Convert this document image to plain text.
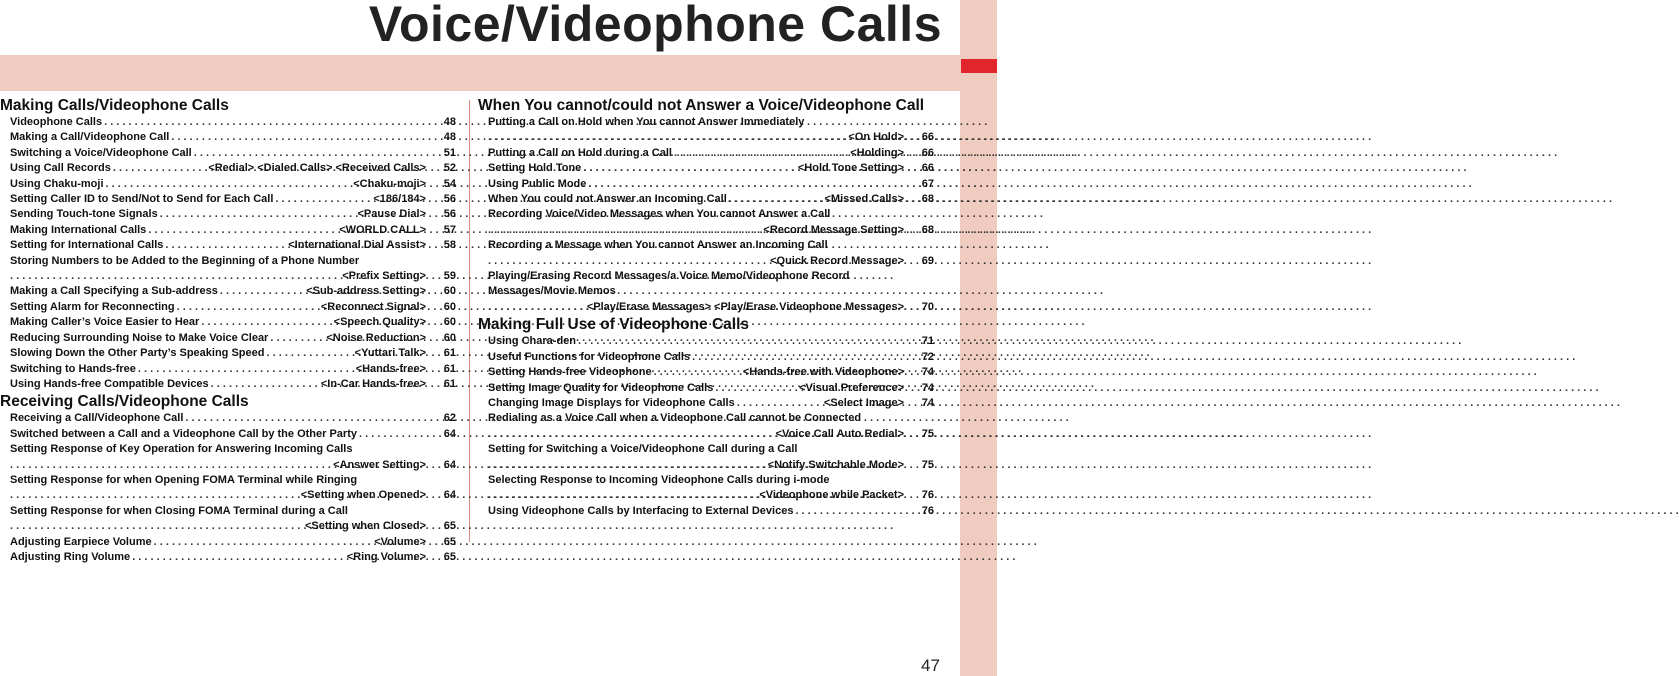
Voice/Videophone Calls
Making Calls/Videophone Calls
Videophone Calls . . .	48
Making a Call/Videophone Call . . .	48
Switching a Voice/Videophone Call . . .	51
Using Call Records . . .	<Redial> <Dialed Calls> <Received Calls>	52
Using Chaku-moji . . .	<Chaku-moji>	54
Setting Caller ID to Send/Not to Send for Each Call . . .	<186/184>	56
Sending Touch-tone Signals . . .	<Pause Dial>	56
Making International Calls . . .	<WORLD CALL>	57
Setting for International Calls . . .	<International Dial Assist>	58
Storing Numbers to be Added to the Beginning of a Phone Number
. . .
<Prefix Setting>	59
Making a Call Specifying a Sub-address . . .	<Sub-address Setting>	60
Setting Alarm for Reconnecting . . .	<Reconnect Signal>	60
Making Caller’s Voice Easier to Hear . . .	<Speech Quality>	60
Reducing Surrounding Noise to Make Voice Clear . . .	<Noise Reduction>	60
Slowing Down the Other Party’s Speaking Speed . . .	<Yuttari Talk>	61
Switching to Hands-free . . .	<Hands-free>	61
Using Hands-free Compatible Devices . . .	<In-Car Hands-free>	61
Receiving Calls/Videophone Calls
Receiving a Call/Videophone Call . . .	62
Switched between a Call and a Videophone Call by the Other Party . . .	64
Setting Response of Key Operation for Answering Incoming Calls
. . .
<Answer Setting>	64
Setting Response for when Opening FOMA Terminal while Ringing
. . .
<Setting when Opened>	64
Setting Response for when Closing FOMA Terminal during a Call
. . .
<Setting when Closed>	65
Adjusting Earpiece Volume . . .	<Volume>	65
Adjusting Ring Volume . . .	<Ring Volume>	65
When You cannot/could not Answer a Voice/Videophone Call
Putting a Call on Hold when You cannot Answer Immediately
. . .
<On Hold>	66
Putting a Call on Hold during a Call . . .	<Holding>	66
Setting Hold Tone . . .	<Hold Tone Setting>	66
Using Public Mode . . .	67
When You could not Answer an Incoming Call . . .	<Missed Calls>	68
Recording Voice/Video Messages when You cannot Answer a Call
. . .
<Record Message Setting>	68
Recording a Message when You cannot Answer an Incoming Call
. . .
<Quick Record Message>	69
Playing/Erasing Record Messages/a Voice Memo/Videophone Record
Messages/Movie Memos
. . .
<Play/Erase Messages> <Play/Erase Videophone Messages>	70
Making Full Use of Videophone Calls
Using Chara-den . . .	71
Useful Functions for Videophone Calls . . .	72
Setting Hands-free Videophone . . .	<Hands-free with Videophone>	74
Setting Image Quality for Videophone Calls . . .	<Visual Preference>	74
Changing Image Displays for Videophone Calls . . .	<Select Image>	74
Redialing as a Voice Call when a Videophone Call cannot be Connected
. . .
<Voice Call Auto Redial>	75
Setting for Switching a Voice/Videophone Call during a Call
. . .
<Notify Switchable Mode>	75
Selecting Response to Incoming Videophone Calls during i-mode
. . .
<Videophone while Packet>	76
Using Videophone Calls by Interfacing to External Devices . . .	76
47
